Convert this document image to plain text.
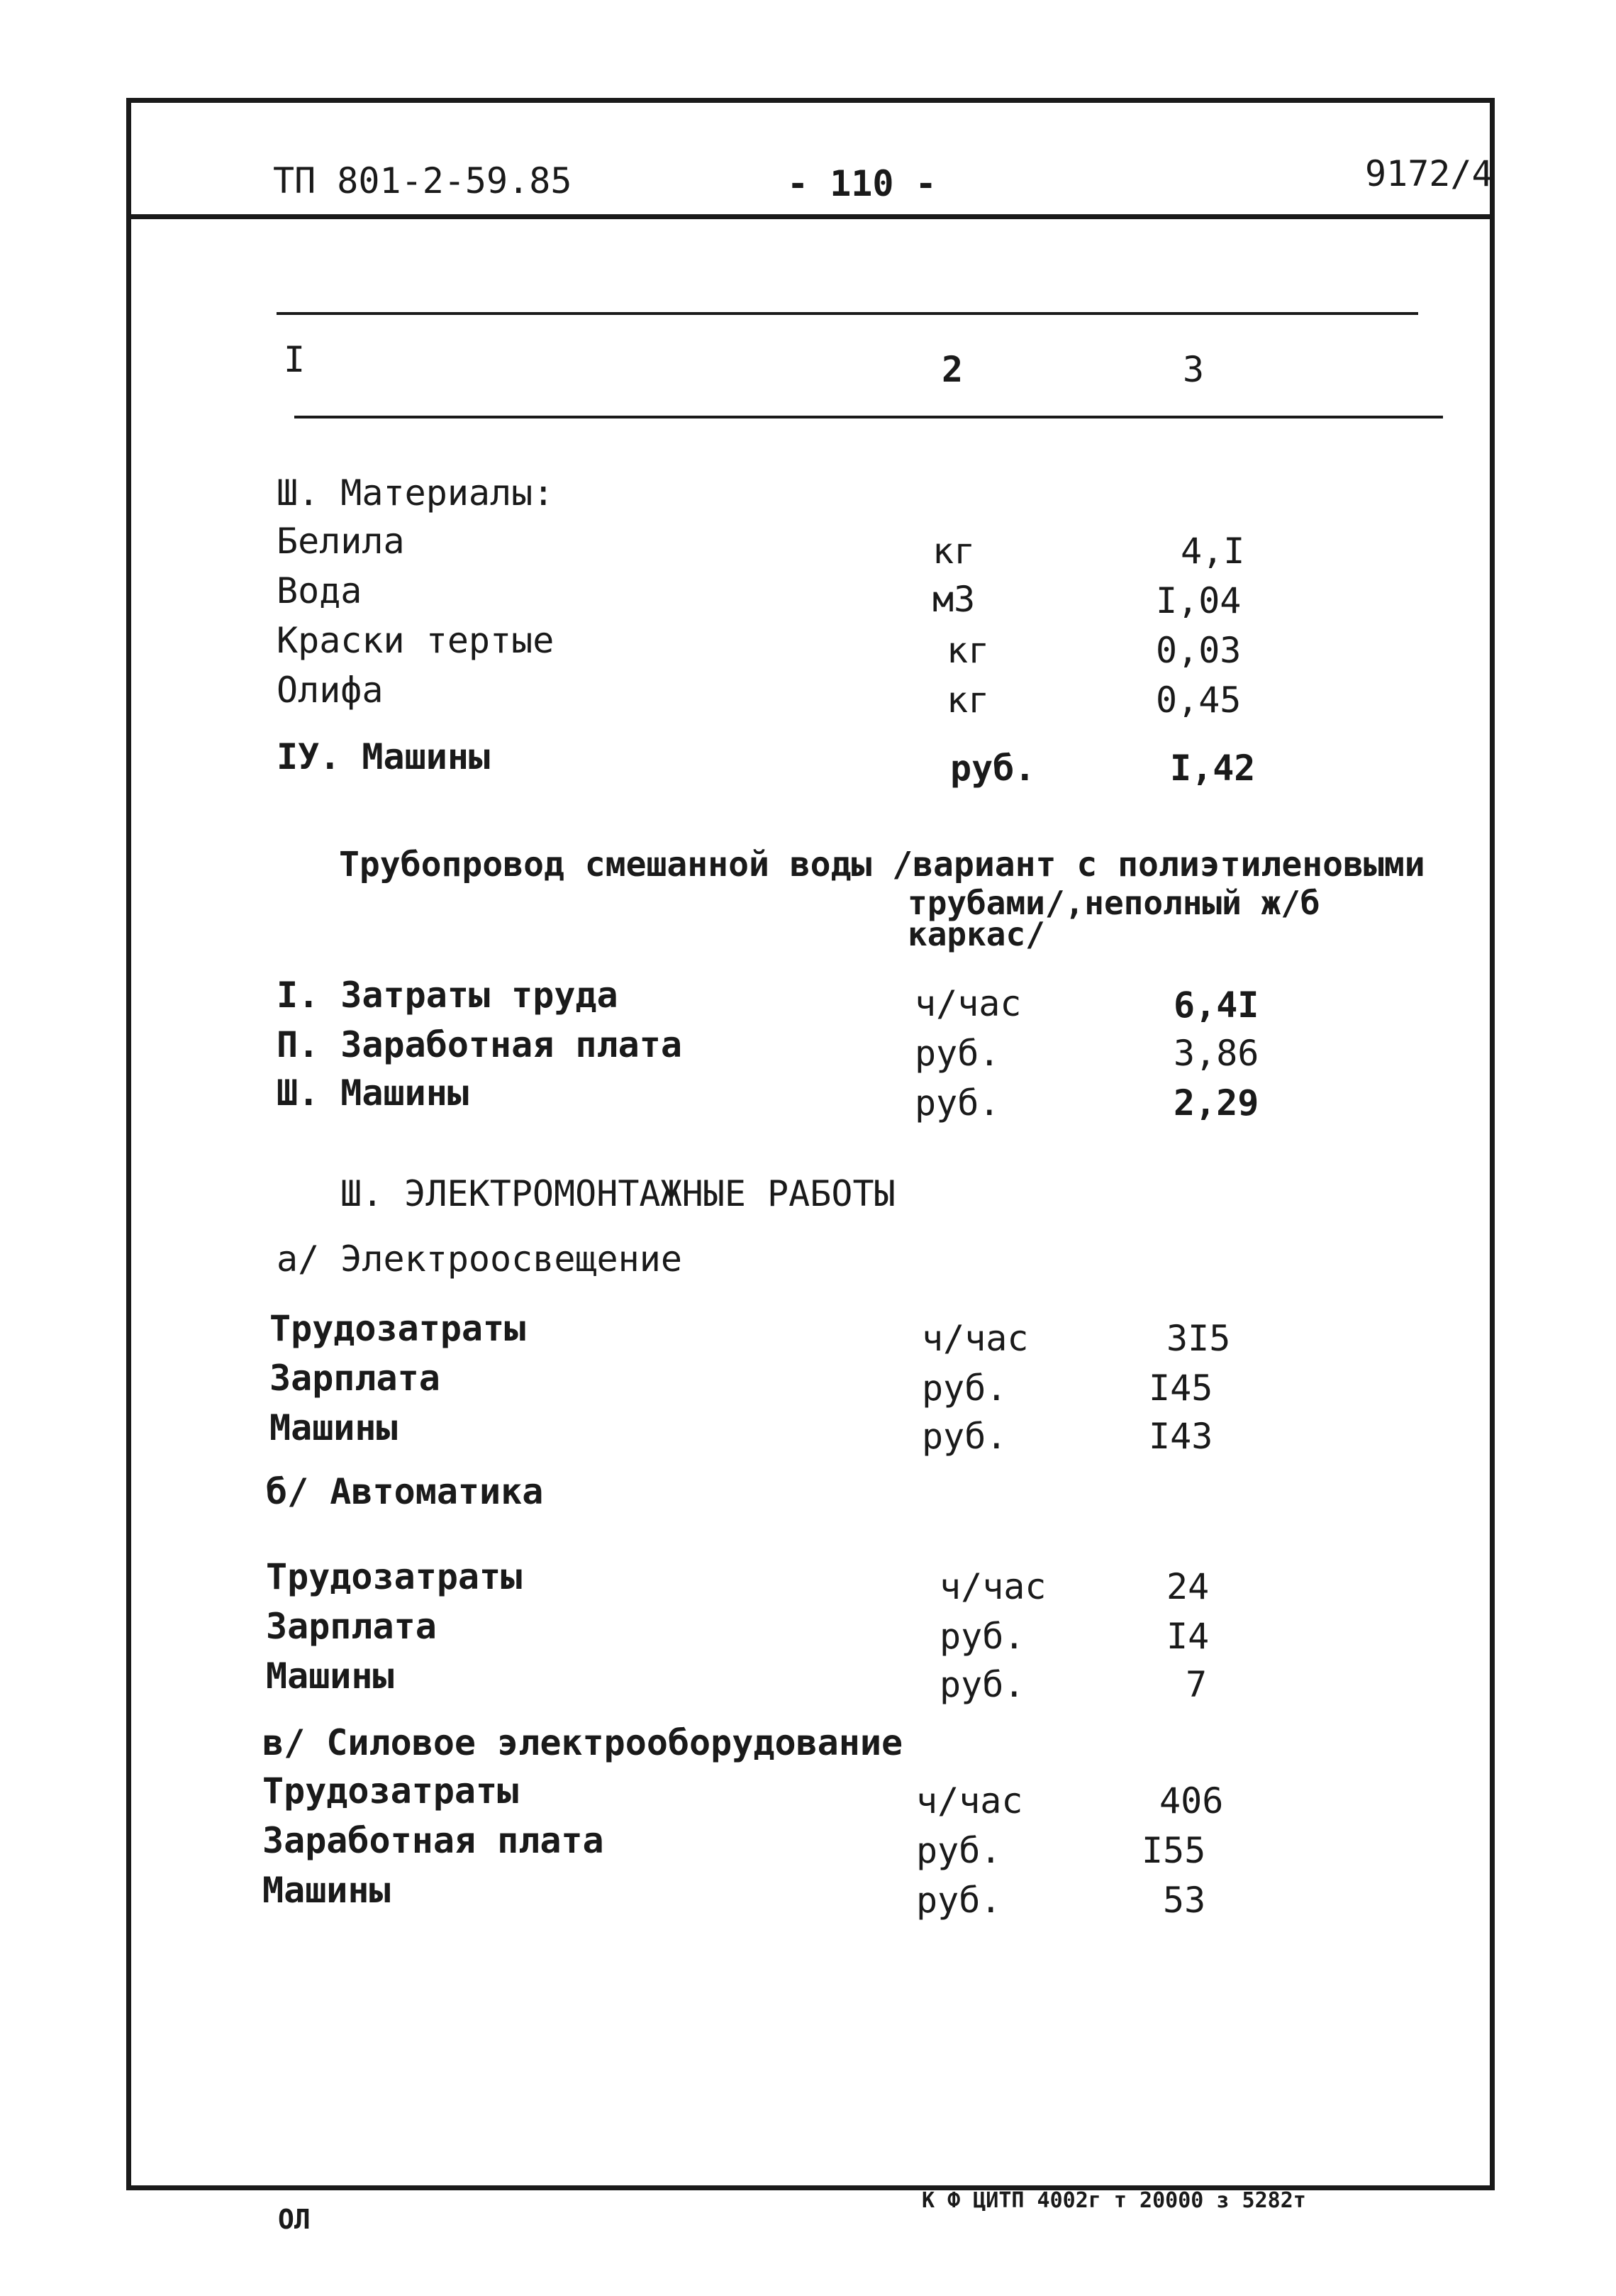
ТП 801-2-59.85	- 110 -	9172/4
I	2	3
Ш. Материалы:
Белила	кг	4,I
Вода	м3	I,04
Краски тертые	кг	0,03
Олифа	кг	0,45
IУ. Машины	руб.	I,42
Трубопровод смешанной воды /вариант с полиэтиленовыми
трубами/,неполный ж/б
каркас/
I. Затраты труда	ч/час	6,4I
П. Заработная плата	руб.	3,86
Ш. Машины	руб.	2,29
Ш. ЭЛЕКТРОМОНТАЖНЫЕ РАБОТЫ
а/ Электроосвещение
Трудозатраты	ч/час	3I5
Зарплата	руб.	I45
Машины	руб.	I43
б/ Автоматика
Трудозатраты	ч/час	24
Зарплата	руб.	I4
Машины	руб.	7
в/ Силовое электрооборудование
Трудозатраты	ч/час	406
Заработная плата	руб.	I55
Машины	руб.	53
ОЛ
К Ф ЦИТП 4002г т 20000 з 5282т
